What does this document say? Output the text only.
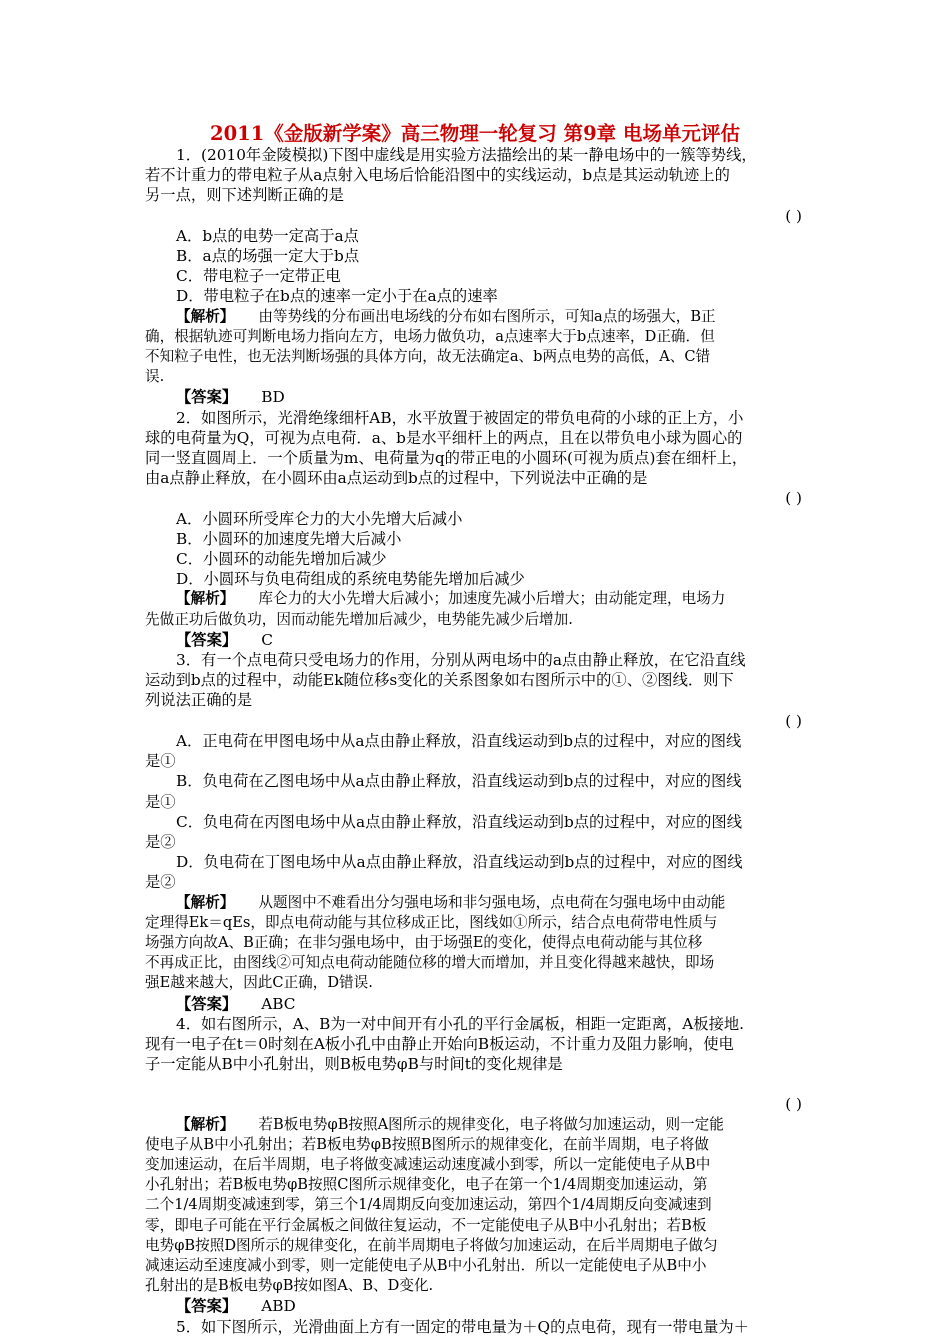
2011《金版新学案》高三物理一轮复习 第9章 电场单元评估

1．(2010年金陵模拟)下图中虚线是用实验方法描绘出的某一静电场中的一簇等势线，

若不计重力的带电粒子从a点射入电场后恰能沿图中的实线运动，b点是其运动轨迹上的

另一点，则下述判断正确的是

( )

A．b点的电势一定高于a点

B．a点的场强一定大于b点

C．带电粒子一定带正电

D．带电粒子在b点的速率一定小于在a点的速率

【解析】 由等势线的分布画出电场线的分布如右图所示，可知a点的场强大，B正

确，根据轨迹可判断电场力指向左方，电场力做负功，a点速率大于b点速率，D正确．但

不知粒子电性，也无法判断场强的具体方向，故无法确定a、b两点电势的高低，A、C错

误.

【答案】 BD

2．如图所示，光滑绝缘细杆AB，水平放置于被固定的带负电荷的小球的正上方，小

球的电荷量为Q，可视为点电荷．a、b是水平细杆上的两点，且在以带负电小球为圆心的

同一竖直圆周上．一个质量为m、电荷量为q的带正电的小圆环(可视为质点)套在细杆上，

由a点静止释放，在小圆环由a点运动到b点的过程中，下列说法中正确的是

( )

A．小圆环所受库仑力的大小先增大后减小

B．小圆环的加速度先增大后减小

C．小圆环的动能先增加后减少

D．小圆环与负电荷组成的系统电势能先增加后减少

【解析】 库仑力的大小先增大后减小；加速度先减小后增大；由动能定理，电场力

先做正功后做负功，因而动能先增加后减少，电势能先减少后增加.

【答案】 C

3．有一个点电荷只受电场力的作用，分别从两电场中的a点由静止释放，在它沿直线

运动到b点的过程中，动能Ek随位移s变化的关系图象如右图所示中的①、②图线．则下

列说法正确的是

( )

A．正电荷在甲图电场中从a点由静止释放，沿直线运动到b点的过程中，对应的图线

是①

B．负电荷在乙图电场中从a点由静止释放，沿直线运动到b点的过程中，对应的图线

是①

C．负电荷在丙图电场中从a点由静止释放，沿直线运动到b点的过程中，对应的图线

是②

D．负电荷在丁图电场中从a点由静止释放，沿直线运动到b点的过程中，对应的图线

是②

【解析】 从题图中不难看出分匀强电场和非匀强电场，点电荷在匀强电场中由动能

定理得Ek＝qEs，即点电荷动能与其位移成正比，图线如①所示，结合点电荷带电性质与

场强方向故A、B正确；在非匀强电场中，由于场强E的变化，使得点电荷动能与其位移

不再成正比，由图线②可知点电荷动能随位移的增大而增加，并且变化得越来越快，即场

强E越来越大，因此C正确，D错误.

【答案】 ABC

4．如右图所示，A、B为一对中间开有小孔的平行金属板，相距一定距离，A板接地.

现有一电子在t＝0时刻在A板小孔中由静止开始向B板运动，不计重力及阻力影响，使电

子一定能从B中小孔射出，则B板电势φB与时间t的变化规律是

( )

【解析】 若B板电势φB按照A图所示的规律变化，电子将做匀加速运动，则一定能

使电子从B中小孔射出；若B板电势φB按照B图所示的规律变化，在前半周期，电子将做

变加速运动，在后半周期，电子将做变减速运动速度减小到零，所以一定能使电子从B中

小孔射出；若B板电势φB按照C图所示规律变化，电子在第一个1/4周期变加速运动，第

二个1/4周期变减速到零，第三个1/4周期反向变加速运动，第四个1/4周期反向变减速到

零，即电子可能在平行金属板之间做往复运动，不一定能使电子从B中小孔射出；若B板

电势φB按照D图所示的规律变化，在前半周期电子将做匀加速运动，在后半周期电子做匀

减速运动至速度减小到零，则一定能使电子从B中小孔射出．所以一定能使电子从B中小

孔射出的是B板电势φB按如图A、B、D变化.

【答案】 ABD

5．如下图所示，光滑曲面上方有一固定的带电量为＋Q的点电荷，现有一带电量为＋
